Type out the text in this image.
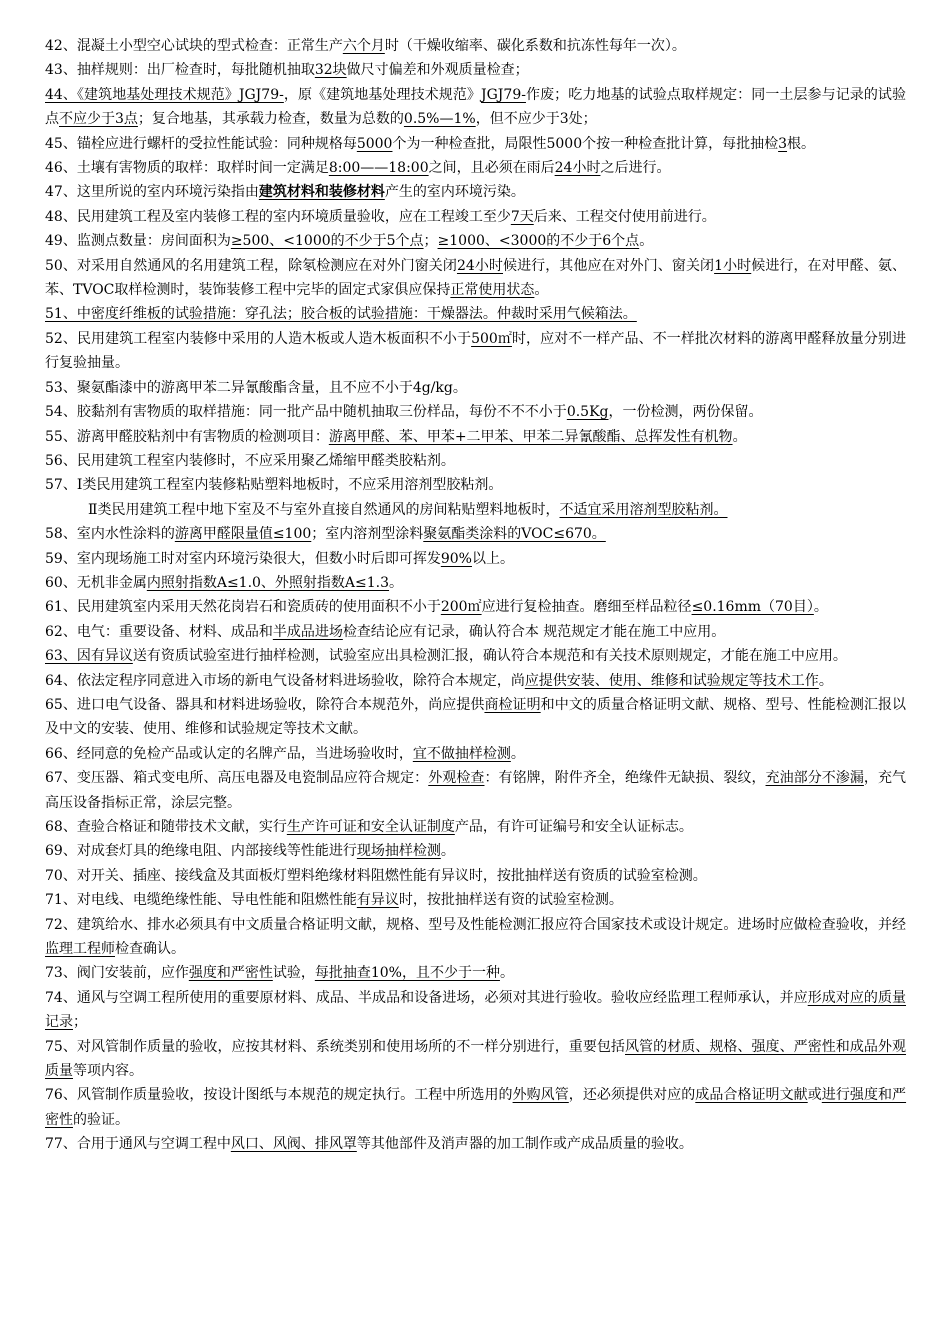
42、混凝土小型空心试块的型式检查：正常生产六个月时（干燥收缩率、碳化系数和抗冻性每年一次）。
43、抽样规则：出厂检查时，每批随机抽取32块做尺寸偏差和外观质量检查；
44、《建筑地基处理技术规范》JGJ79-，原《建筑地基处理技术规范》JGJ79-作废；吃力地基的试验点取样规定：同一土层参与记录的试验点不应少于3点；复合地基，其承载力检查，数量为总数的0.5%—1%，但不应少于3处；
45、锚栓应进行螺杆的受拉性能试验：同种规格每5000个为一种检查批，局限性5000个按一种检查批计算，每批抽检3根。
46、土壤有害物质的取样：取样时间一定满足8:00——18:00之间，且必须在雨后24小时之后进行。
47、这里所说的室内环境污染指由建筑材料和装修材料产生的室内环境污染。
48、民用建筑工程及室内装修工程的室内环境质量验收，应在工程竣工至少7天后来、工程交付使用前进行。
49、监测点数量：房间面积为≥500、<1000的不少于5个点；≥1000、<3000的不少于6个点。
50、对采用自然通风的名用建筑工程，除氡检测应在对外门窗关闭24小时候进行，其他应在对外门、窗关闭1小时候进行，在对甲醛、氨、苯、TVOC取样检测时，装饰装修工程中完毕的固定式家俱应保持正常使用状态。
51、中密度纤维板的试验措施：穿孔法；胶合板的试验措施：干燥器法。仲裁时采用气候箱法。
52、民用建筑工程室内装修中采用的人造木板或人造木板面积不小于500㎡时，应对不一样产品、不一样批次材料的游离甲醛释放量分别进行复验抽量。
53、聚氨酯漆中的游离甲苯二异氰酸酯含量，且不应不小于4g/kg。
54、胶黏剂有害物质的取样措施：同一批产品中随机抽取三份样品，每份不不不小于0.5Kg，一份检测，两份保留。
55、游离甲醛胶粘剂中有害物质的检测项目：游离甲醛、苯、甲苯+二甲苯、甲苯二异氰酸酯、总挥发性有机物。
56、民用建筑工程室内装修时，不应采用聚乙烯缩甲醛类胶粘剂。
57、Ⅰ类民用建筑工程室内装修粘贴塑料地板时，不应采用溶剂型胶粘剂。
Ⅱ类民用建筑工程中地下室及不与室外直接自然通风的房间粘贴塑料地板时，不适宜采用溶剂型胶粘剂。
58、室内水性涂料的游离甲醛限量值≤100；室内溶剂型涂料聚氨酯类涂料的VOC≤670。
59、室内现场施工时对室内环境污染很大，但数小时后即可挥发90%以上。
60、无机非金属内照射指数A≤1.0、外照射指数A≤1.3。
61、民用建筑室内采用天然花岗岩石和瓷质砖的使用面积不小于200㎡应进行复检抽查。磨细至样品粒径≤0.16mm（70目）。
62、电气：重要设备、材料、成品和半成品进场检查结论应有记录，确认符合本 规范规定才能在施工中应用。
63、因有异议送有资质试验室进行抽样检测，试验室应出具检测汇报，确认符合本规范和有关技术原则规定，才能在施工中应用。
64、依法定程序同意进入市场的新电气设备材料进场验收，除符合本规定，尚应提供安装、使用、维修和试验规定等技术工作。
65、进口电气设备、器具和材料进场验收，除符合本规范外，尚应提供商检证明和中文的质量合格证明文献、规格、型号、性能检测汇报以及中文的安装、使用、维修和试验规定等技术文献。
66、经同意的免检产品或认定的名牌产品，当进场验收时，宜不做抽样检测。
67、变压器、箱式变电所、高压电器及电瓷制品应符合规定：外观检查：有铭牌，附件齐全，绝缘件无缺损、裂纹，充油部分不渗漏，充气高压设备指标正常，涂层完整。
68、查验合格证和随带技术文献，实行生产许可证和安全认证制度产品，有许可证编号和安全认证标志。
69、对成套灯具的绝缘电阻、内部接线等性能进行现场抽样检测。
70、对开关、插座、接线盒及其面板灯塑料绝缘材料阻燃性能有异议时，按批抽样送有资质的试验室检测。
71、对电线、电缆绝缘性能、导电性能和阻燃性能有异议时，按批抽样送有资的试验室检测。
72、建筑给水、排水必须具有中文质量合格证明文献，规格、型号及性能检测汇报应符合国家技术或设计规定。进场时应做检查验收，并经监理工程师检查确认。
73、阀门安装前，应作强度和严密性试验，每批抽查10%，且不少于一种。
74、通风与空调工程所使用的重要原材料、成品、半成品和设备进场，必须对其进行验收。验收应经监理工程师承认，并应形成对应的质量记录；
75、对风管制作质量的验收，应按其材料、系统类别和使用场所的不一样分别进行，重要包括风管的材质、规格、强度、严密性和成品外观质量等项内容。
76、风管制作质量验收，按设计图纸与本规范的规定执行。工程中所选用的外购风管，还必须提供对应的成品合格证明文献或进行强度和严密性的验证。
77、合用于通风与空调工程中风口、风阀、排风罩等其他部件及消声器的加工制作或产成品质量的验收。
